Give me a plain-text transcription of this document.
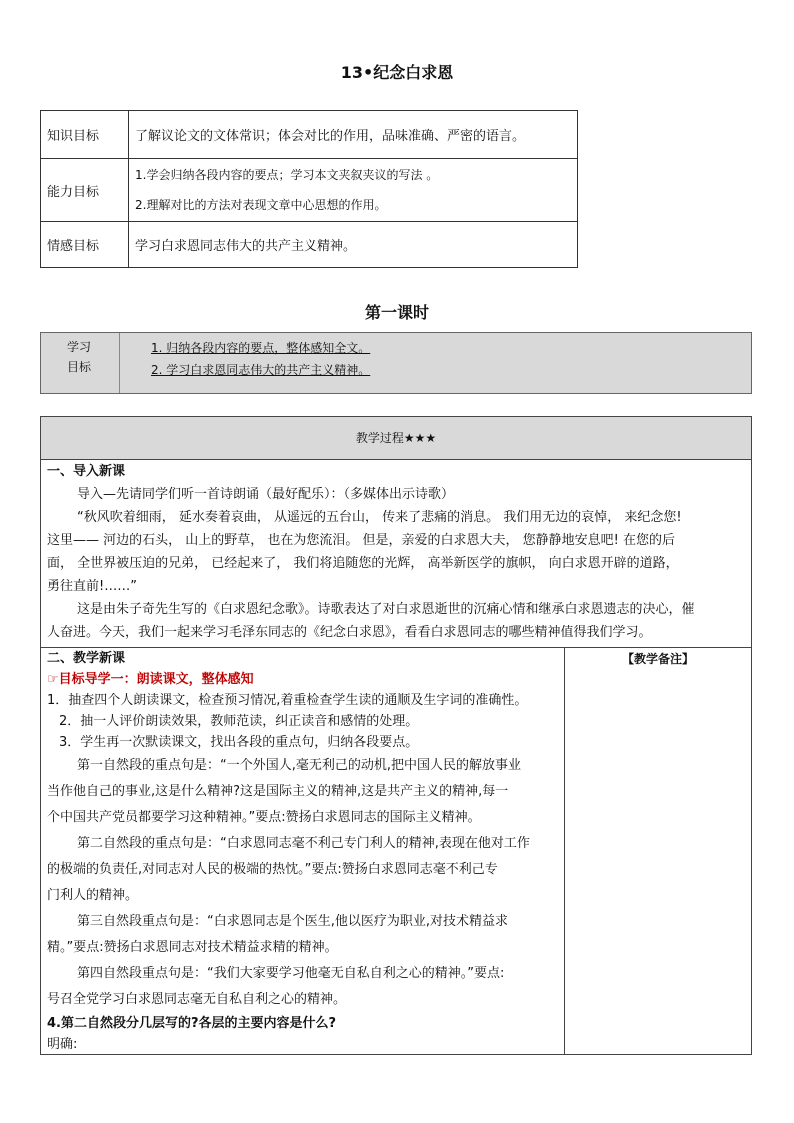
13•纪念白求恩
知识目标	了解议论文的文体常识；体会对比的作用，品味准确、严密的语言。
能力目标	1.学会归纳各段内容的要点；学习本文夹叙夹议的写法 。
2.理解对比的方法对表现文章中心思想的作用。

情感目标	学习白求恩同志伟大的共产主义精神。
第一课时
学习
目标
1. 归纳各段内容的要点，整体感知全文。
2. 学习白求恩同志伟大的共产主义精神。
教学过程★★★

一、导入新课

导入—先请同学们听一首诗朗诵（最好配乐）：（多媒体出示诗歌）

“秋风吹着细雨， 延水奏着哀曲， 从遥远的五台山， 传来了悲痛的消息。 我们用无边的哀悼， 来纪念您!

这里—— 河边的石头， 山上的野草， 也在为您流泪。 但是，亲爱的白求恩大夫， 您静静地安息吧! 在您的后

面， 全世界被压迫的兄弟， 已经起来了， 我们将追随您的光辉， 高举新医学的旗帜， 向白求恩开辟的道路，

勇往直前!……”

这是由朱子奇先生写的《白求恩纪念歌》。诗歌表达了对白求恩逝世的沉痛心情和继承白求恩遗志的决心，催

人奋进。今天，我们一起来学习毛泽东同志的《纪念白求恩》，看看白求恩同志的哪些精神值得我们学习。

二、教学新课

☞目标导学一：朗读课文，整体感知

1．抽查四个人朗读课文，检查预习情况,着重检查学生读的通顺及生字词的准确性。

2．抽一人评价朗读效果，教师范读，纠正读音和感情的处理。

3．学生再一次默读课文，找出各段的重点句，归纳各段要点。

第一自然段的重点句是：“一个外国人,毫无利己的动机,把中国人民的解放事业

当作他自己的事业,这是什么精神?这是国际主义的精神,这是共产主义的精神,每一

个中国共产党员都要学习这种精神。”要点:赞扬白求恩同志的国际主义精神。

第二自然段的重点句是：“白求恩同志毫不利己专门利人的精神,表现在他对工作

的极端的负责任,对同志对人民的极端的热忱。”要点:赞扬白求恩同志毫不利己专

门利人的精神。

第三自然段重点句是：“白求恩同志是个医生,他以医疗为职业,对技术精益求

精。”要点:赞扬白求恩同志对技术精益求精的精神。

第四自然段重点句是：“我们大家要学习他毫无自私自利之心的精神。”要点:

号召全党学习白求恩同志毫无自私自利之心的精神。

4.第二自然段分几层写的?各层的主要内容是什么?

明确:

【教学备注】
